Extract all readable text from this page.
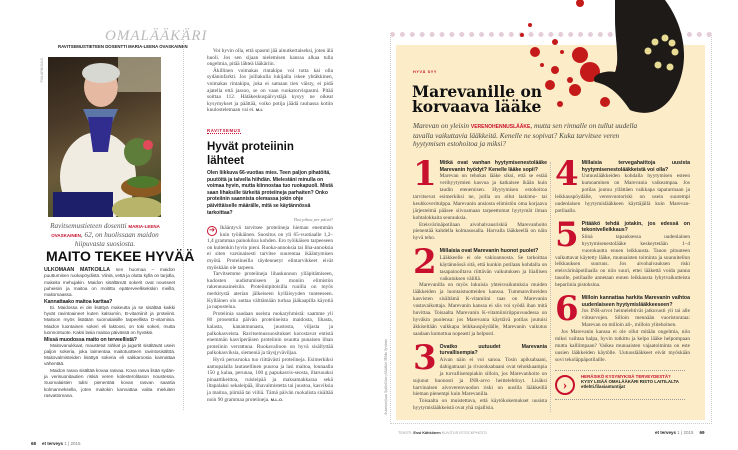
OMALÄÄKÄRI
RAVITSEMUSTIETEEN DOSENTTI MARIA-LEENA OVASKAINEN
PIIA ARNOULD
Ravitsemustieteen dosentti MARIA-LEENA OVASKAINEN, 62, on huolissaan maidon hiipuvasta suosiosta.
MAITO TEKEE HYVÄÄ

ULKOMAAN MATKOILLA sen huomaa – maidon puuttumisen ruokapöydistä. Viiniä, vettä ja olutta kyllä on tarjolla, makeita mehujakin. Maidon sisältämät sokerit ovat nousseet puheisiin ja maitoa on moitittu epäterveellisekskin meillä, maitomaassa.

Kannattaako maitoa karttaa?

Ei. Maidossa ei ole lisättyä makeutta ja se sisältää kaikki hyvät ravintoaineet kuten kalsiumin, B-vitamiinit ja proteiinit. Maitoon myös lisätään suomalaisille tarpeellista D-vitaminia. Maidon luontainen sokeri eli laktoosi, on toki sokeri, mutta luonnontuote. Kaksi lasia maitoa päivässä on hyväksi.

Missä muodossa maito on terveellistä?

Maitovanukkaat, maustetut rahkat ja jugurtit sisältävät usein paljon sokeria, joka laimentaa maitotuotteen ravintosisältöä. Maitovalmisteiden lisättyä sokeria eli sakkaroosia kannattaa vähentää.

Maidon rasva sisältää kovaa rasvaa. Kova rasva lisää sydän- ja verisuonitautien riskiä veren kolesterolitason noustessa. Suomalaisten tulisi pienentää kovan rasvan saantia kolmanneksella, joten maitokin kannattaa valita mieluiten rasvattomana.

68 et terveys 1 | 2015

Voi hyvin olla, että spasmi jää ainutkertaiseksi, joten älä huoli. Jos sen sijaan nielemisen kanssa alkaa tulla ongelmia, pitää lähteä lääkäriin.

Äkillinen voimakas rintakipu voi totta kai olla sydäninfarkti. Jos joillakulla lukijalla iskee yhtäkkinen, voimakas rintakipu, joka ei samaan tien väisty, ei pidä ajatella että jassoo, se on vaan ruokatorvispasmi. Pitää soittaa 112. Hätäkeskuspäivystäjä kysyy ne oikeat kysymykset ja päättää, voiko potija jäädä rauhassa kotiin kuulostelemaan vai ei. M-L

RAVITSEMUS
Hyvät proteiinin lähteet
Olen liikkuva 66-vuotias mies. Teen paljon pihatöitä, puutöitä ja talvella hiihdän. Mielestäni minulla on voimaa hyvin, mutta kiinnostaa tuo ruokapuoli. Mistä saan lihaksille tärkeitä proteiineja parhaiten? Onko proteiinin saannista olemassa jokin ohje päivittäiselle määrälle, mitä se käytännössä tarkoittaa?
Yksi pihoa per päivä?
➔ Ikääntyvä tarvitsee proteiineja hieman enemmän kuin työikäinen. Suositus on yli 65-vuotiaalle 1,2–1,4 grammaa painokiloa kohden. Ero työikäisen tarpeeseen on kuitenkin hyvin pieni. Ruoka-annoksia tai liha-annoksia ei siten varsinaisesti tarvitse suurentaa ikääntymisen myötä. Proteiineilla täydennetyt elintarvikkeet eivät myöskään ole tarpeen.

Tarvitsemme proteiineja lihaskunnon ylläpitämiseen, kudosten uudistumiseen ja moniin elimistön rakennusaineisiin. Proteiinipitoisilla ruuilla on myös merkitystä aterian jälkeiseen kylläisyyden tunteeseen. Kylläinen olo auttaa välttämään turhaa jääkaapilla käyntiä ja napostelua.

Proteiinia saadaan useista ruokaryhmistä: saamme yli 80 prosenttia päivän proteiineista maidosta, lihasta, kalasta, kananmunasta, juustosta, viljasta ja palkokasveista. Ravitsemussuositukset korostavat entistä enemmän kasviperäisen proteiinin osuutta punaisen lihan proteiinin verrattuna. Ruokavalioon on hyvä sisällyttää palkokasviksia, siemeniä ja täysjyväviljaa.

Hyvä perusruoka tuo riittävästi proteiineja. Esimerkiksi aamupalalla lautasellinen puuroa ja lasi maitoa, lounaalla 150 g kalaa, perunaa, 100 g papukasvis-seosta, iltaruoaksi pinaattikeittoa, ruisleipää ja maksamakkaraa sekä iltapalaksi sekaleipää, lihavalmistetta tai juustoa, kasviksia ja maitoa, piimää tai viiliä. Tämä päivän ruokalista sisältää noin 90 grammaa proteiineja. M-L.O.

HYVÄ SYY
Marevanille on korvaava lääke
Marevan on yleisin VERENOHENNUSLÄÄKE, mutta sen rinnalle on tullut uudella tavalla vaikuttavia lääkkeitä. Kenelle ne sopivat? Kuka tarvitsee veren hyytymisen estohoitoa ja miksi?
1 Mitkä ovat vanhan hyytymisenestolääke Marevanin hyödyt? Kenelle lääke sopii?

Marevan on tehokas lääke siksi, että se estää verihyytymien kasvua ja katkaisee ikään kuin taudin etenemisen. Hyytymisen estohoitoa tarvitsevat esimerkiksi ne, joilla on ollut laskimo- tai keuhkoveritulppa. Marevanin ansiosta elimistön oma korjaava järjestelmä pääsee siivoamaan tarpeettomat hyytymät ilman kohtalokkaita seurauksia.

Eteisvärinäpotilaan aivohalvausriskiä Marevanhoito pienentää kahdella kolmasosalla. Harvalla lääkkeellä on näin hyvä teho.

2 Millaisia ovat Marevanin huonot puolet?

Lääkkeelle ei ole vakioannosta. Se tarkoittaa käytännössä sitä, että kunkin potilaan kohdalla on tasapainoiltava riittävän vaikutuksen ja liiallisen vaikutuksen välillä.

Marevanilla on myös lukuisia yhteisvaikutuksia muiden lääkkeiden ja luontaistuotteiden kanssa. Tummanvihreiden kasvisten sisältämä K-vitamiini taas on Marevanin vastavaikuttaja. Marevanin kanssa ei siis voi syödä ihan mitä huvittaa. Toisaalta Marevanin K-vitamiiniriippuvuudessa on hyväkin puolensa: jos Marevania käyttävä potilas joutuisi äkkiseltään vaikkapa leikkauspöydälle, Marevanin vaikutus saadaan kumottua nopeasti ja helposti.

3 Ovatko uutuudet Marevania turvallisempia?

Aivan näin ei voi sanoa. Tosin apiksabaani, dabigatraani ja rivaroksabaani ovat tehokkaampia ja turvallisempiakin silloin, jos Marevanhoito on sujunut huonosti ja INR-arvo heittelehtinyt. Lisäksi harvinaisen aivoverenvuodon riski on uusilla lääkkeillä hieman pienempi kuin Marevanilla.

Toisaalta on muistettava, että käytökokemukset uusista hyytymislääkkeistä ovat yhä rajallisia.

4 Millaisia tervegahaittoja uusista hyytymisenestolääkkeistä voi olla?

Uutuuslääkkeiden kohdalla hyytymisen esteen kumoaminen on Marevania vaikeampaa. Jos potilas joutuu yllättäen vaikkapa tapaturmaan ja leikkauspöydälle, verenvuotoriski on usein suurempi uudenlaisen hyytymislääkkeen käyttäjällä kuin Marevan-potilaalla.

5 Pitääkö tehdä jotakin, jos edessä on tekonivelleikkaus?

Siinä tapauksessa uudenlainen hyytymisenestolääke keskeytetään 1–4 vuorokautta ennen leikkausta. Tauon pituuteen vaikuttavat käytetty lääke, munuaisten toiminta ja suunnitellun leikkauksen suuruus. Jos aivohalvauksen riski eteisvärinäpotilaalla on niin suuri, ettei lääkettä voida panna tauolle, potilaalle annetaan ennen leikkausta lyhytvaikutteista hepariinia pistoksina.

6 Milloin kannattaa harkita Marevanin vaihtoa uudenlaiseen hyytymislääkkeeseen?

Jos INR-arvot heimelehtivät jatkuvasti yli tai alle viitearvojen. Silloin mennään vuoristorataa: Marevan on milloin ali-, milloin yliteholnen.

Jos Marevanin kanssa ei ole ollut mitään ongelmia, niin miksi vaihtaa halpa, hyvin tutkittu ja kelpo lääke helpompaan mutta kalliimpaan? Vaikea munuaisten vajaatoiminta on este uusien lääkkeiden käytölle. Uutuuslääkkeet eivät myöskään sovi tekoläppäpotilaille.

›
HERÄSIKÖ KYSYMYKSIÄ TERVEYDESTÄ?
KYSY LISÄÄ OMALÄÄKÄRI RISTO LAITILALTA
etlehti.fi/asiantuntijat
Asiantuntijana Sydänliiton ylilääkäri Mikko Syvänne
TEKSTI: Essi Kähkönen KUVITUS ISTOCKPHOTO	et terveys 1 | 2015 69
